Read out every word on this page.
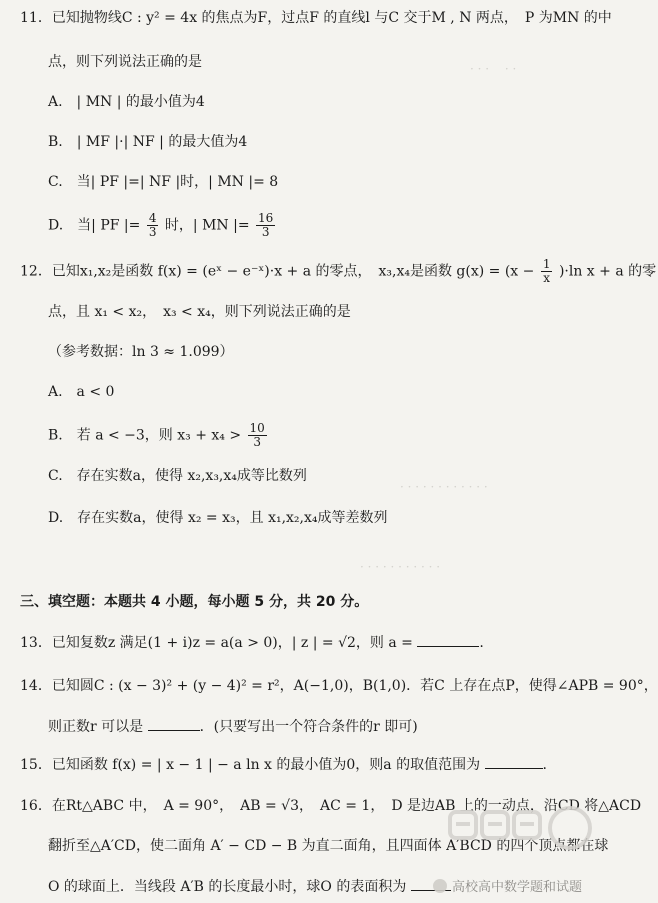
· · ·　 · ·
· · · · · · · · · · · ·
· · · · · · · · · · ·
11．已知抛物线C : y² = 4x 的焦点为F，过点F 的直线l 与C 交于M , N 两点，　P 为MN 的中
点，则下列说法正确的是
A.　| MN | 的最小值为4
B.　| MF |·| NF | 的最大值为4
C.　当| PF |=| NF |时，| MN |= 8
D.　当| PF |= $\frac{4}{3}$ 时，| MN |= $\frac{16}{3}$
12．已知x₁,x₂是函数 f(x) = (eˣ − e⁻ˣ)·x + a 的零点，　x₃,x₄是函数 $g(x) = (x - \frac{1}{x} )\cdot\ln$ x + a 的零
点，且 x₁ < x₂，　x₃ < x₄，则下列说法正确的是
（参考数据：ln 3 ≈ 1.099）
A.　a < 0
B.　若 a < −3，则 $x_3 + x_4 > \frac{10}{3}$
C.　存在实数a，使得 x₂,x₃,x₄成等比数列
D.　存在实数a，使得 x₂ = x₃，且 x₁,x₂,x₄成等差数列
三、填空题：本题共 4 小题，每小题 5 分，共 20 分。
13．已知复数z 满足(1 + i)z = a(a > 0)，| z | = √2，则 a =	.
14．已知圆C : (x − 3)² + (y − 4)² = r²，A(−1,0)，B(1,0)．若C 上存在点P，使得∠APB = 90°，
则正数r 可以是	．(只要写出一个符合条件的r 即可)
15．已知函数 f(x) = | x − 1 | − a ln x 的最小值为0，则a 的取值范围为	.
16．在Rt△ABC 中，　A = 90°，　AB = √3，　AC = 1，　D 是边AB 上的一动点，沿CD 将△ACD
翻折至△A′CD，使二面角 A′ − CD − B 为直二面角，且四面体 A′BCD 的四个顶点都在球
O 的球面上．当线段 A′B 的长度最小时，球O 的表面积为	高校高中数学题和试题
